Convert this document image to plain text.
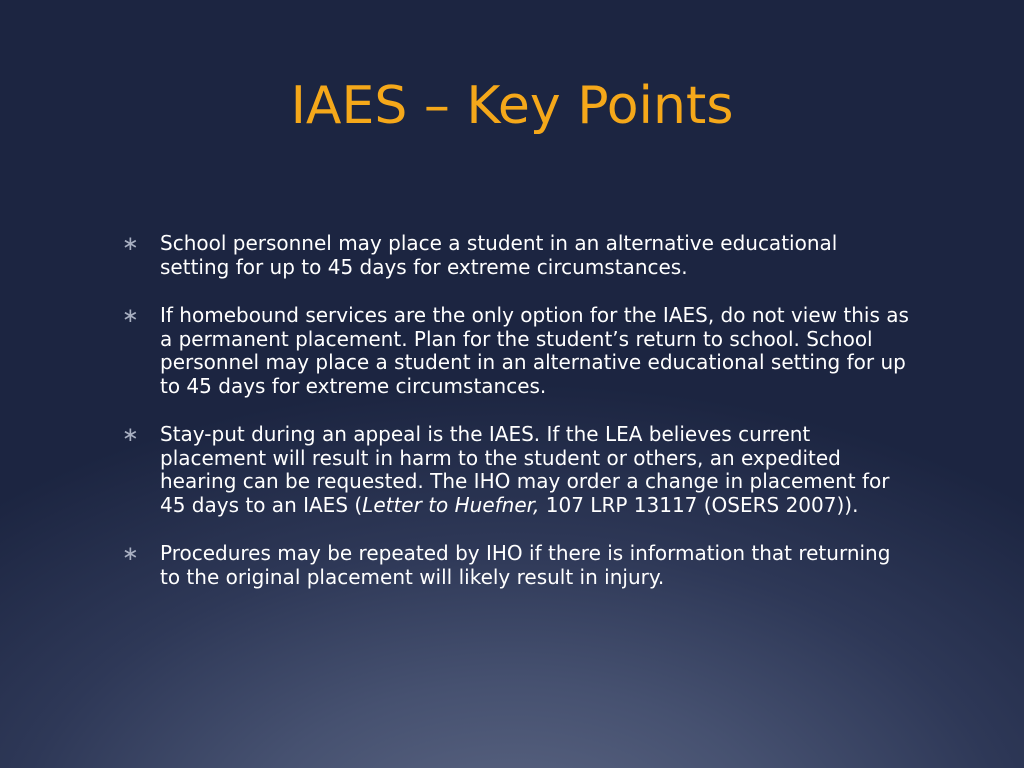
IAES – Key Points
∗ School personnel may place a student in an alternative educational setting for up to 45 days for extreme circumstances.
∗ If homebound services are the only option for the IAES, do not view this as a permanent placement. Plan for the student’s return to school. School personnel may place a student in an alternative educational setting for up to 45 days for extreme circumstances.
∗ Stay-put during an appeal is the IAES. If the LEA believes current placement will result in harm to the student or others, an expedited hearing can be requested. The IHO may order a change in placement for 45 days to an IAES (Letter to Huefner, 107 LRP 13117 (OSERS 2007)).
∗ Procedures may be repeated by IHO if there is information that returning to the original placement will likely result in injury.
